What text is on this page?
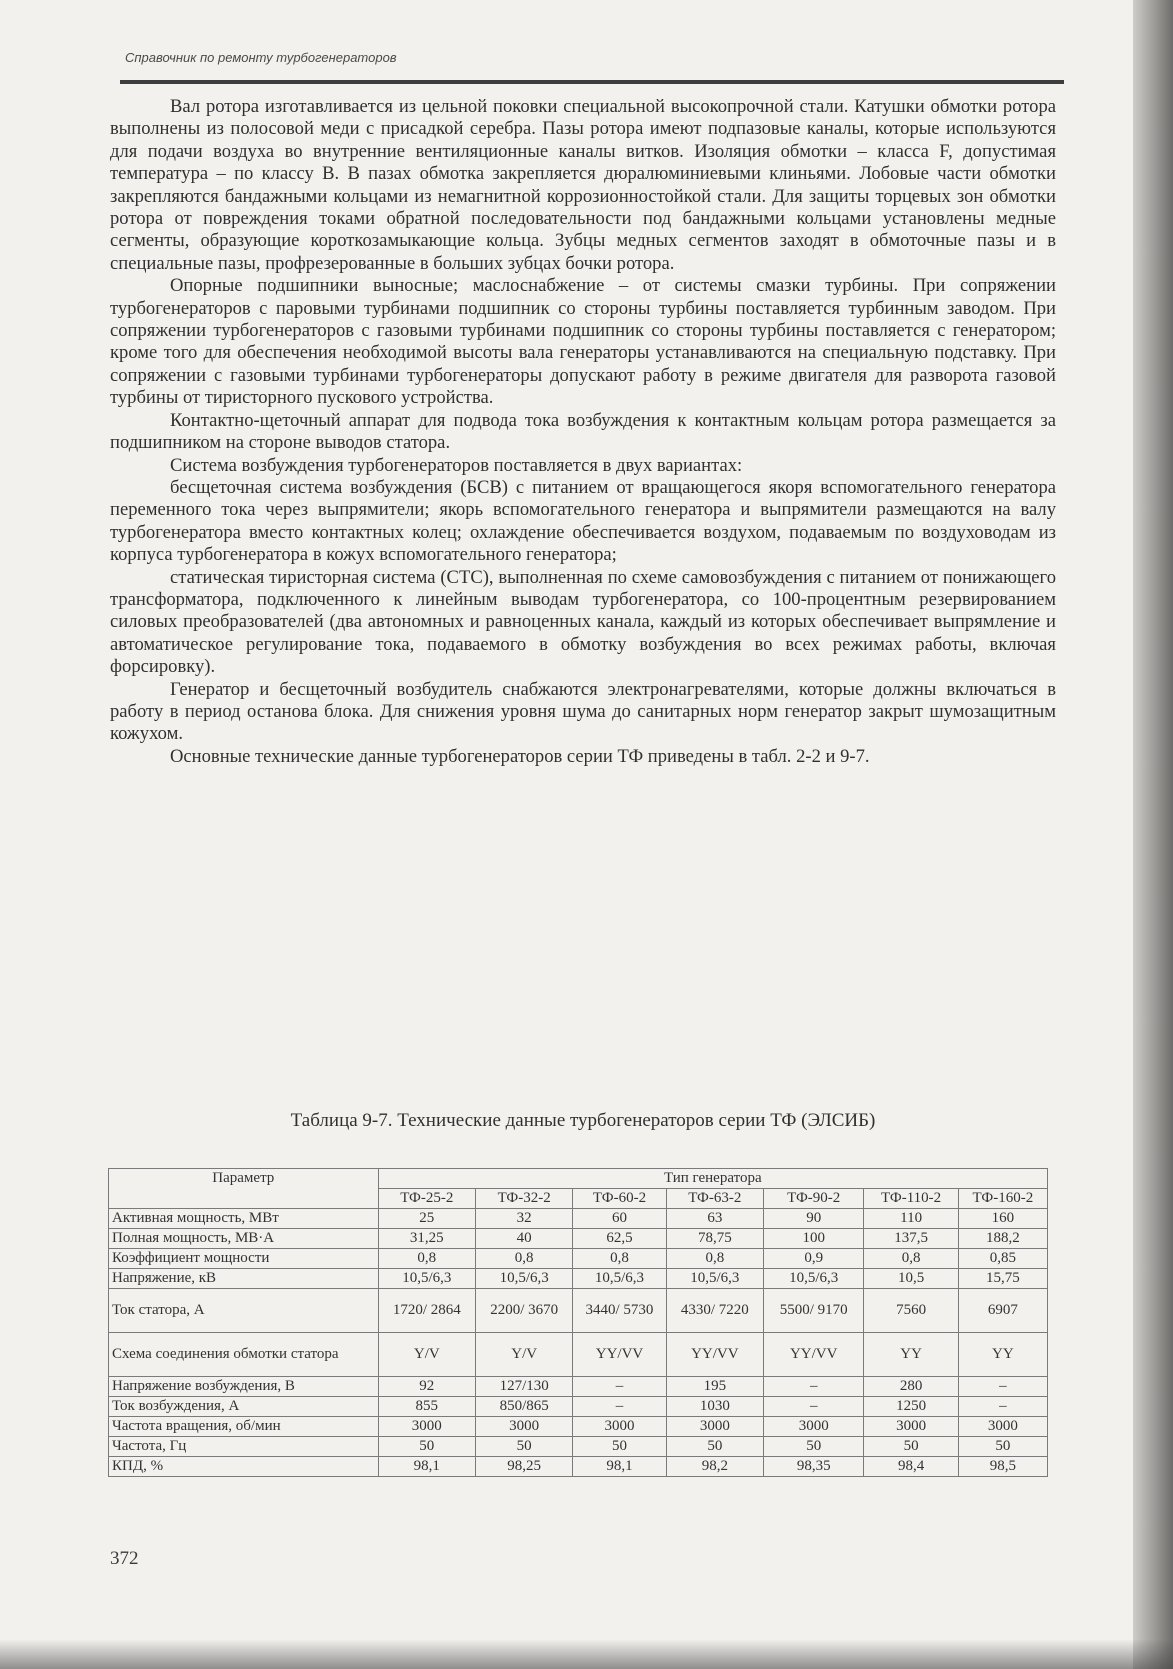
Справочник по ремонту турбогенераторов

Вал ротора изготавливается из цельной поковки специальной высокопрочной стали. Катушки обмотки ротора выполнены из полосовой меди с присадкой серебра. Пазы ротора имеют подпазовые каналы, которые используются для подачи воздуха во внутренние вентиляционные каналы витков. Изоляция обмотки – класса F, допустимая температура – по классу B. В пазах обмотка закрепляется дюралюминиевыми клиньями. Лобовые части обмотки закрепляются бандажными кольцами из немагнитной коррозионностойкой стали. Для защиты торцевых зон обмотки ротора от повреждения токами обратной последовательности под бандажными кольцами установлены медные сегменты, образующие короткозамыкающие кольца. Зубцы медных сегментов заходят в обмоточные пазы и в специальные пазы, профрезерованные в больших зубцах бочки ротора.

Опорные подшипники выносные; маслоснабжение – от системы смазки турбины. При сопряжении турбогенераторов с паровыми турбинами подшипник со стороны турбины поставляется турбинным заводом. При сопряжении турбогенераторов с газовыми турбинами подшипник со стороны турбины поставляется с генератором; кроме того для обеспечения необходимой высоты вала генераторы устанавливаются на специальную подставку. При сопряжении с газовыми турбинами турбогенераторы допускают работу в режиме двигателя для разворота газовой турбины от тиристорного пускового устройства.

Контактно-щеточный аппарат для подвода тока возбуждения к контактным кольцам ротора размещается за подшипником на стороне выводов статора.

Система возбуждения турбогенераторов поставляется в двух вариантах:

бесщеточная система возбуждения (БСВ) с питанием от вращающегося якоря вспомогательного генератора переменного тока через выпрямители; якорь вспомогательного генератора и выпрямители размещаются на валу турбогенератора вместо контактных колец; охлаждение обеспечивается воздухом, подаваемым по воздуховодам из корпуса турбогенератора в кожух вспомогательного генератора;

статическая тиристорная система (СТС), выполненная по схеме самовозбуждения с питанием от понижающего трансформатора, подключенного к линейным выводам турбогенератора, со 100-процентным резервированием силовых преобразователей (два автономных и равноценных канала, каждый из которых обеспечивает выпрямление и автоматическое регулирование тока, подаваемого в обмотку возбуждения во всех режимах работы, включая форсировку).

Генератор и бесщеточный возбудитель снабжаются электронагревателями, которые должны включаться в работу в период останова блока. Для снижения уровня шума до санитарных норм генератор закрыт шумозащитным кожухом.

Основные технические данные турбогенераторов серии ТФ приведены в табл. 2-2 и 9-7.

Таблица 9-7. Технические данные турбогенераторов серии ТФ (ЭЛСИБ)
Параметр	Тип генератора						
	ТФ-25-2	ТФ-32-2	ТФ-60-2	ТФ-63-2	ТФ-90-2	ТФ-110-2	ТФ-160-2
Активная мощность, МВт	25	32	60	63	90	110	160
Полная мощность, МВ·А	31,25	40	62,5	78,75	100	137,5	188,2
Коэффициент мощности	0,8	0,8	0,8	0,8	0,9	0,8	0,85
Напряжение, кВ	10,5/6,3	10,5/6,3	10,5/6,3	10,5/6,3	10,5/6,3	10,5	15,75
Ток статора, А	1720/ 2864	2200/ 3670	3440/ 5730	4330/ 7220	5500/ 9170	7560	6907
Схема соединения обмотки статора	Y/V	Y/V	YY/VV	YY/VV	YY/VV	YY	YY
Напряжение возбуждения, В	92	127/130	–	195	–	280	–
Ток возбуждения, А	855	850/865	–	1030	–	1250	–
Частота вращения, об/мин	3000	3000	3000	3000	3000	3000	3000
Частота, Гц	50	50	50	50	50	50	50
КПД, %	98,1	98,25	98,1	98,2	98,35	98,4	98,5
372
